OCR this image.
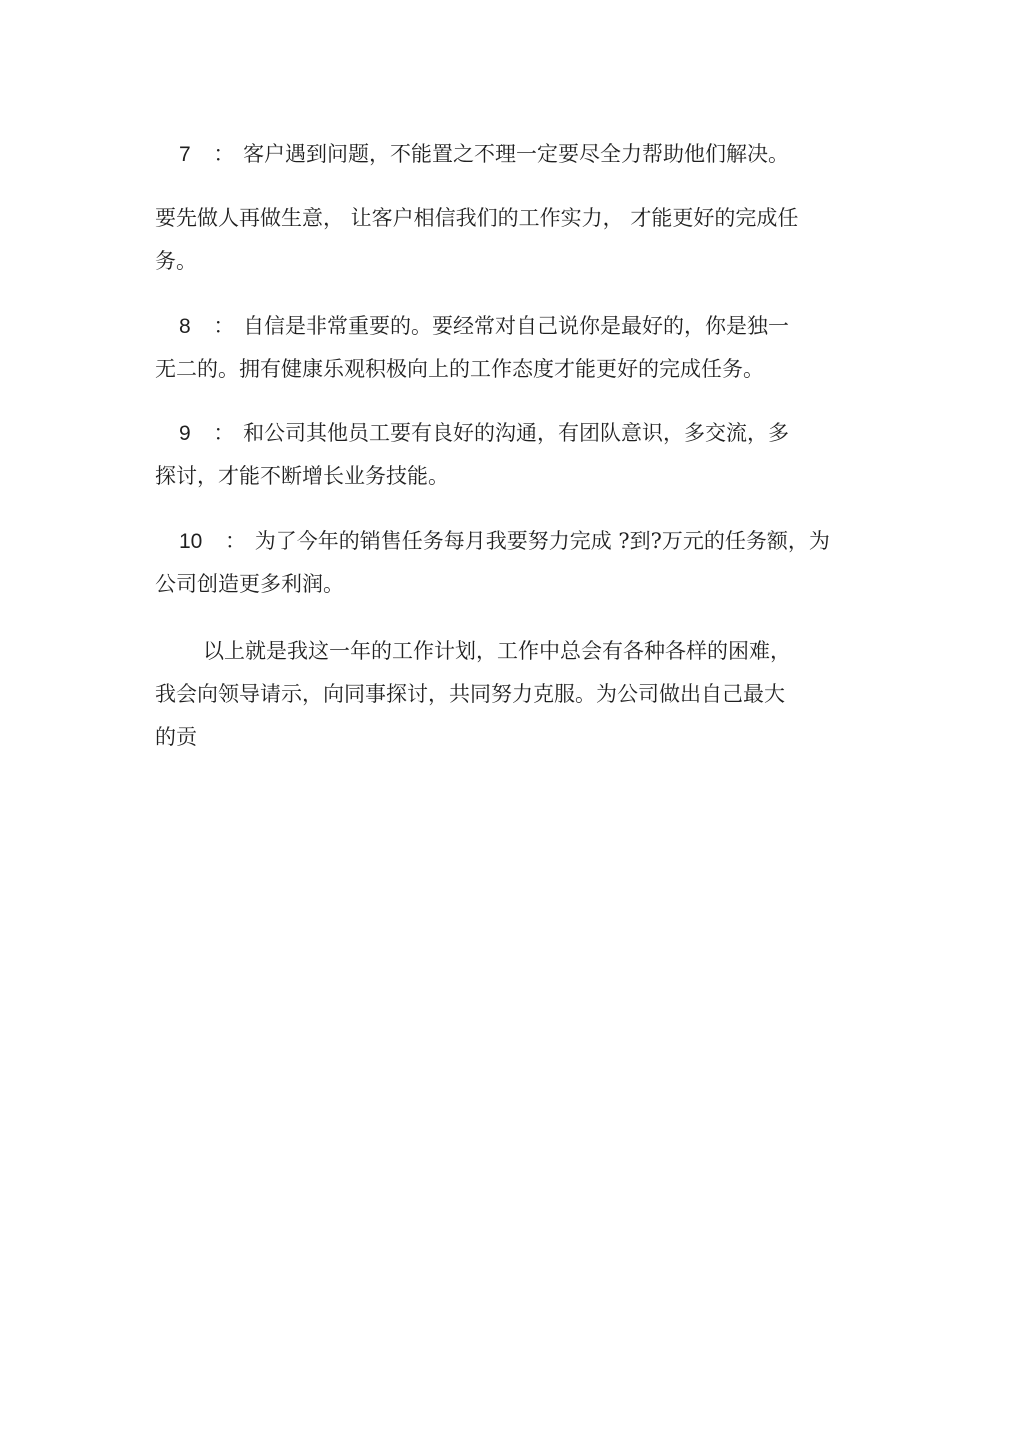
7 ： 客户遇到问题，不能置之不理一定要尽全力帮助他们解决。
要先做人再做生意， 让客户相信我们的工作实力， 才能更好的完成任
务。
8 ： 自信是非常重要的。要经常对自己说你是最好的，你是独一
无二的。拥有健康乐观积极向上的工作态度才能更好的完成任务。
9 ： 和公司其他员工要有良好的沟通，有团队意识，多交流，多
探讨，才能不断增长业务技能。
10 ： 为了今年的销售任务每月我要努力完成 ?到?万元的任务额，为
公司创造更多利润。
以上就是我这一年的工作计划，工作中总会有各种各样的困难，
我会向领导请示，向同事探讨，共同努力克服。为公司做出自己最大
的贡
